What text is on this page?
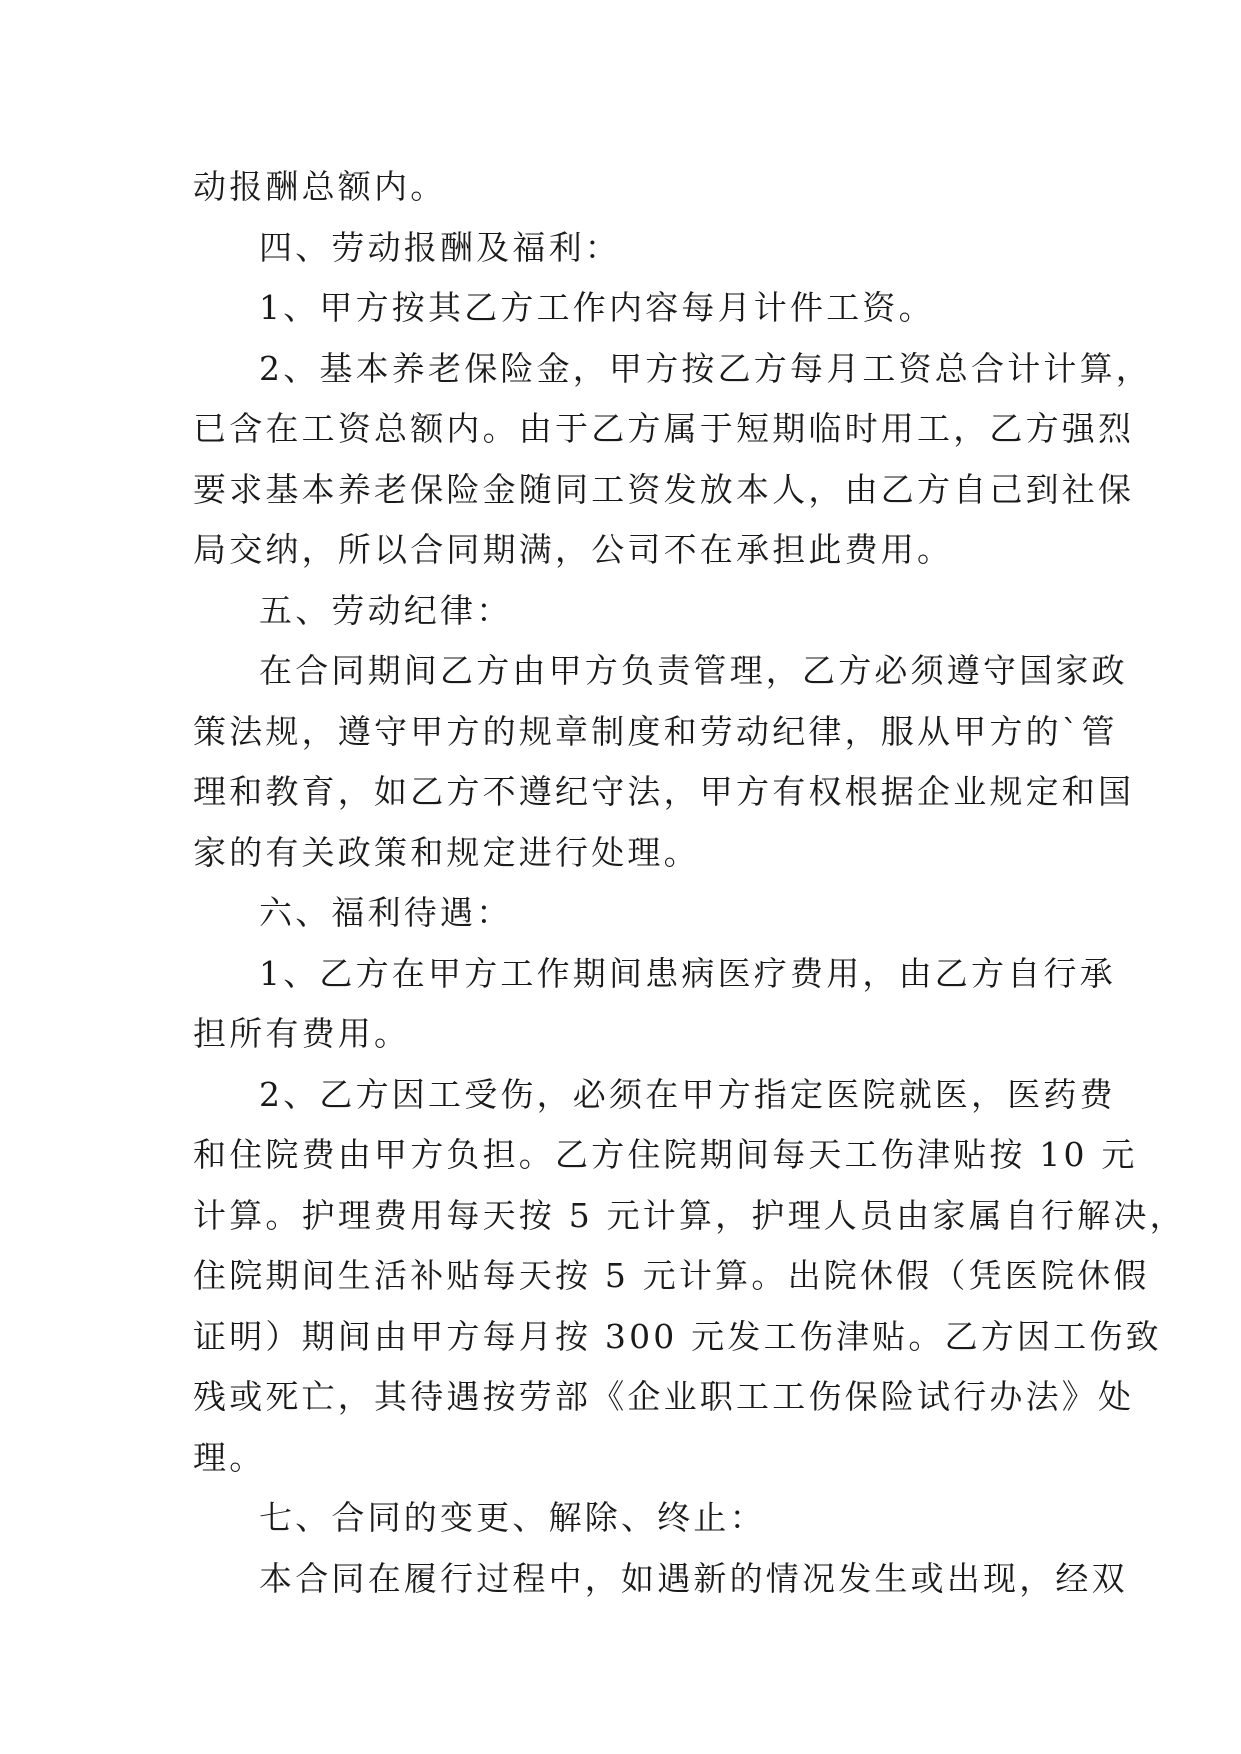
动报酬总额内。
四、劳动报酬及福利：
1、甲方按其乙方工作内容每月计件工资。
2、基本养老保险金，甲方按乙方每月工资总合计计算，
已含在工资总额内。由于乙方属于短期临时用工，乙方强烈
要求基本养老保险金随同工资发放本人，由乙方自己到社保
局交纳，所以合同期满，公司不在承担此费用。
五、劳动纪律：
在合同期间乙方由甲方负责管理，乙方必须遵守国家政
策法规，遵守甲方的规章制度和劳动纪律，服从甲方的`管
理和教育，如乙方不遵纪守法，甲方有权根据企业规定和国
家的有关政策和规定进行处理。
六、福利待遇：
1、乙方在甲方工作期间患病医疗费用，由乙方自行承
担所有费用。
2、乙方因工受伤，必须在甲方指定医院就医，医药费
和住院费由甲方负担。乙方住院期间每天工伤津贴按 10 元
计算。护理费用每天按 5 元计算，护理人员由家属自行解决，
住院期间生活补贴每天按 5 元计算。出院休假（凭医院休假
证明）期间由甲方每月按 300 元发工伤津贴。乙方因工伤致
残或死亡，其待遇按劳部《企业职工工伤保险试行办法》处
理。
七、合同的变更、解除、终止：
本合同在履行过程中，如遇新的情况发生或出现，经双
